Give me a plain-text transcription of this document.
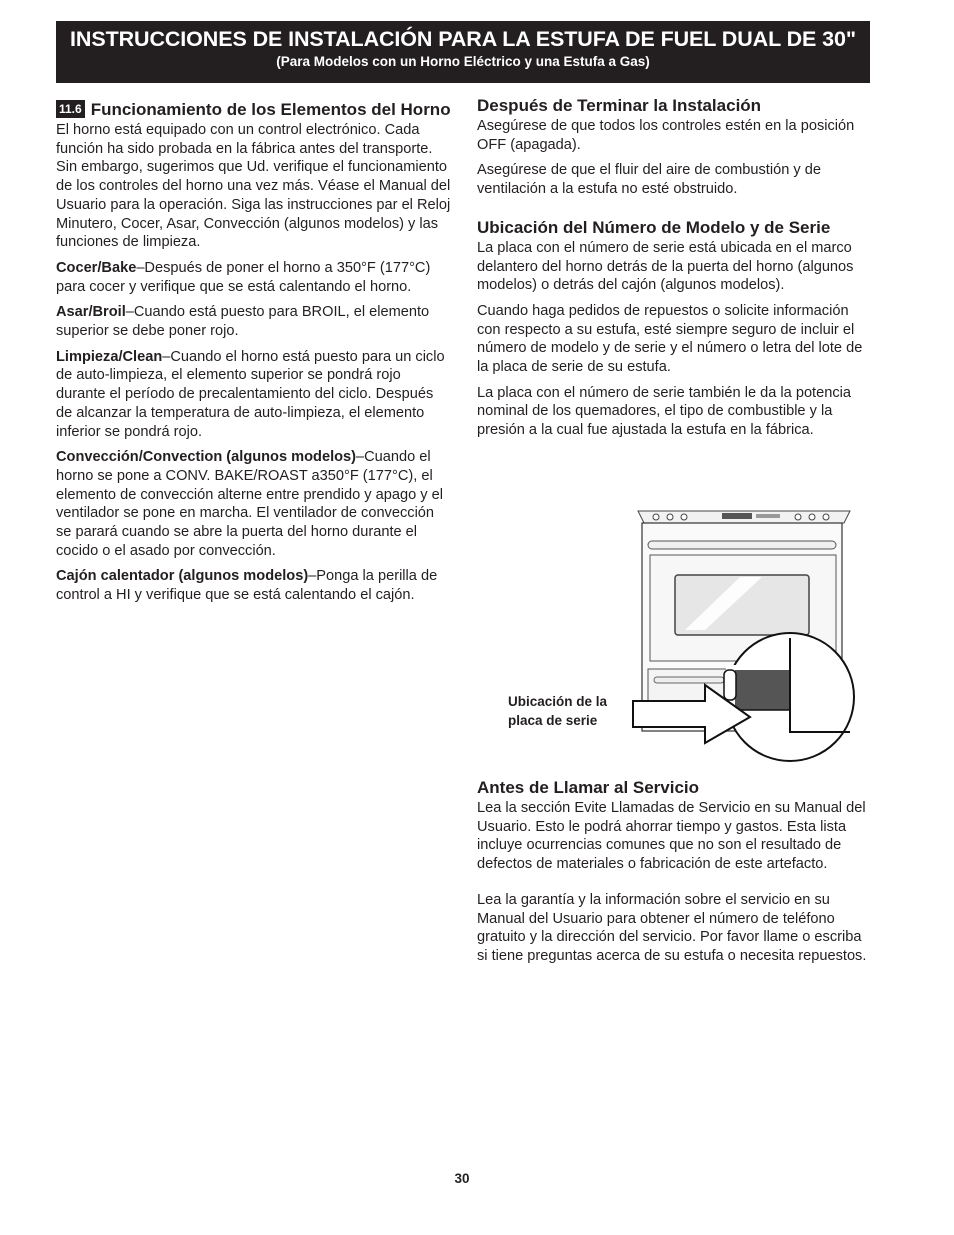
INSTRUCCIONES DE INSTALACIÓN PARA LA ESTUFA DE FUEL DUAL DE 30"
(Para Modelos con un Horno Eléctrico y una Estufa a Gas)
11.6 Funcionamiento de los Elementos del Horno

El horno está equipado con un control electrónico. Cada función ha sido probada en la fábrica antes del transporte. Sin embargo, sugerimos que Ud. verifique el funcionamiento de los controles del horno una vez más. Véase el Manual del Usuario para la operación. Siga las instrucciones par el Reloj Minutero, Cocer, Asar, Convección (algunos modelos) y las funciones de limpieza.

Cocer/Bake–Después de poner el horno a 350°F (177°C) para cocer y verifique que se está calentando el horno.

Asar/Broil–Cuando está puesto para BROIL, el elemento superior se debe poner rojo.

Limpieza/Clean–Cuando el horno está puesto para un ciclo de auto-limpieza, el elemento superior se pondrá rojo durante el período de precalentamiento del ciclo. Después de alcanzar la temperatura de auto-limpieza, el elemento inferior se pondrá rojo.

Convección/Convection (algunos modelos)–Cuando el horno se pone a CONV. BAKE/ROAST a350°F (177°C), el elemento de convección alterne entre prendido y apago y el ventilador se pone en marcha. El ventilador de convección se parará cuando se abre la puerta del horno durante el cocido o el asado por convección.

Cajón calentador (algunos modelos)–Ponga la perilla de control a HI y verifique que se está calentando el cajón.

Después de Terminar la Instalación

Asegúrese de que todos los controles estén en la posición OFF (apagada).

Asegúrese de que el fluir del aire de combustión y de ventilación a la estufa no esté obstruido.

Ubicación del Número de Modelo y de Serie

La placa con el número de serie está ubicada en el marco delantero del horno detrás de la puerta del horno (algunos modelos) o detrás del cajón (algunos modelos).

Cuando haga pedidos de repuestos o solicite información con respecto a su estufa, esté siempre seguro de incluir el número de modelo y de serie y el número o letra del lote de la placa de serie de su estufa.

La placa con el número de serie también le da la potencia nominal de los quemadores, el tipo de combustible y la presión a la cual fue ajustada la estufa en la fábrica.

Ubicación de la placa de serie
Antes de Llamar al Servicio

Lea la sección Evite Llamadas de Servicio en su Manual del Usuario. Esto le podrá ahorrar tiempo y gastos. Esta lista incluye ocurrencias comunes que no son el resultado de defectos de materiales o fabricación de este artefacto.

Lea la garantía y la información sobre el servicio en su Manual del Usuario para obtener el número de teléfono gratuito y la dirección del servicio. Por favor llame o escriba si tiene preguntas acerca de su estufa o necesita repuestos.

30
